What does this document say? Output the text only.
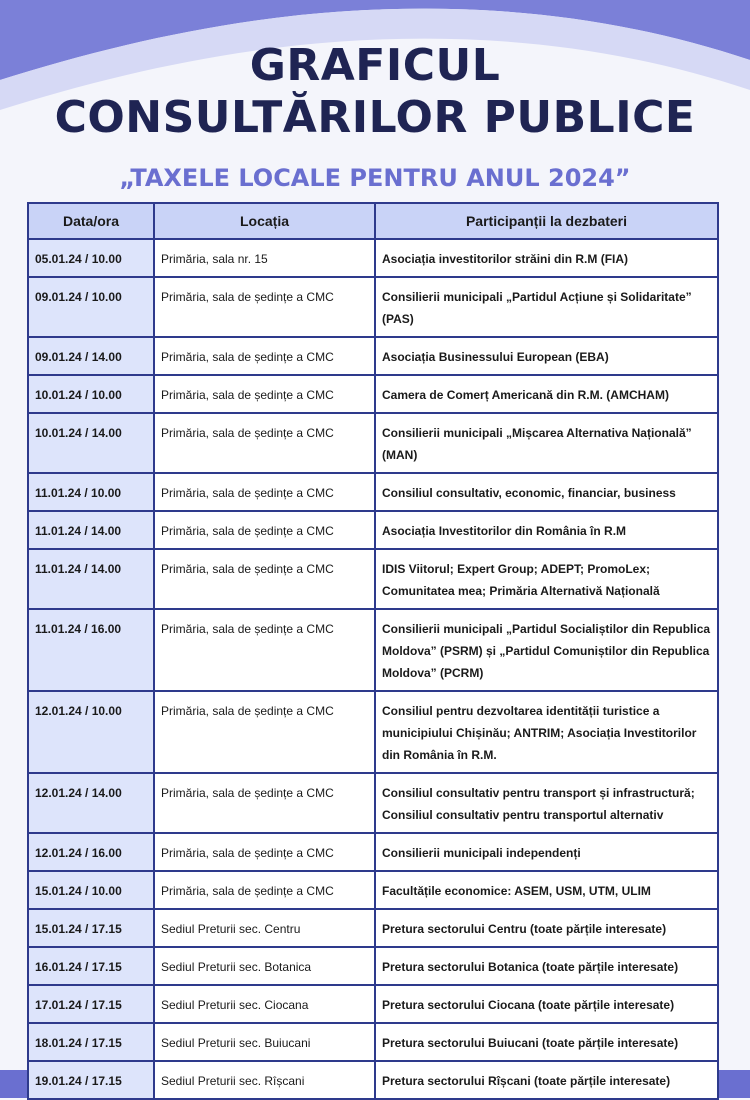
GRAFICUL
CONSULTĂRILOR PUBLICE
„TAXELE LOCALE PENTRU ANUL 2024”
Data/ora	Locația	Participanții la dezbateri
05.01.24 / 10.00	Primăria, sala nr. 15	Asociația investitorilor străini din R.M (FIA)
09.01.24 / 10.00	Primăria, sala de ședințe a CMC	Consilierii municipali „Partidul Acțiune și Solidaritate” (PAS)
09.01.24 / 14.00	Primăria, sala de ședințe a CMC	Asociația Businessului European (EBA)
10.01.24 / 10.00	Primăria, sala de ședințe a CMC	Camera de Comerț Americană din R.M. (AMCHAM)
10.01.24 / 14.00	Primăria, sala de ședințe a CMC	Consilierii municipali „Mișcarea Alternativa Națională” (MAN)
11.01.24 / 10.00	Primăria, sala de ședințe a CMC	Consiliul consultativ, economic, financiar, business
11.01.24 / 14.00	Primăria, sala de ședințe a CMC	Asociația Investitorilor din România în R.M
11.01.24 / 14.00	Primăria, sala de ședințe a CMC	IDIS Viitorul; Expert Group; ADEPT; PromoLex; Comunitatea mea; Primăria Alternativă Națională
11.01.24 / 16.00	Primăria, sala de ședințe a CMC	Consilierii municipali „Partidul Socialiștilor din Republica Moldova” (PSRM) și „Partidul Comuniștilor din Republica Moldova” (PCRM)
12.01.24 / 10.00	Primăria, sala de ședințe a CMC	Consiliul pentru dezvoltarea identității turistice a municipiului Chișinău; ANTRIM; Asociația Investitorilor din România în R.M.
12.01.24 / 14.00	Primăria, sala de ședințe a CMC	Consiliul consultativ pentru transport și infrastructură; Consiliul consultativ pentru transportul alternativ
12.01.24 / 16.00	Primăria, sala de ședințe a CMC	Consilierii municipali independenți
15.01.24 / 10.00	Primăria, sala de ședințe a CMC	Facultățile economice: ASEM, USM, UTM, ULIM
15.01.24 / 17.15	Sediul Preturii sec. Centru	Pretura sectorului Centru (toate părțile interesate)
16.01.24 / 17.15	Sediul Preturii sec. Botanica	Pretura sectorului Botanica (toate părțile interesate)
17.01.24 / 17.15	Sediul Preturii sec. Ciocana	Pretura sectorului Ciocana (toate părțile interesate)
18.01.24 / 17.15	Sediul Preturii sec. Buiucani	Pretura sectorului Buiucani (toate părțile interesate)
19.01.24 / 17.15	Sediul Preturii sec. Rîșcani	Pretura sectorului Rîșcani (toate părțile interesate)
